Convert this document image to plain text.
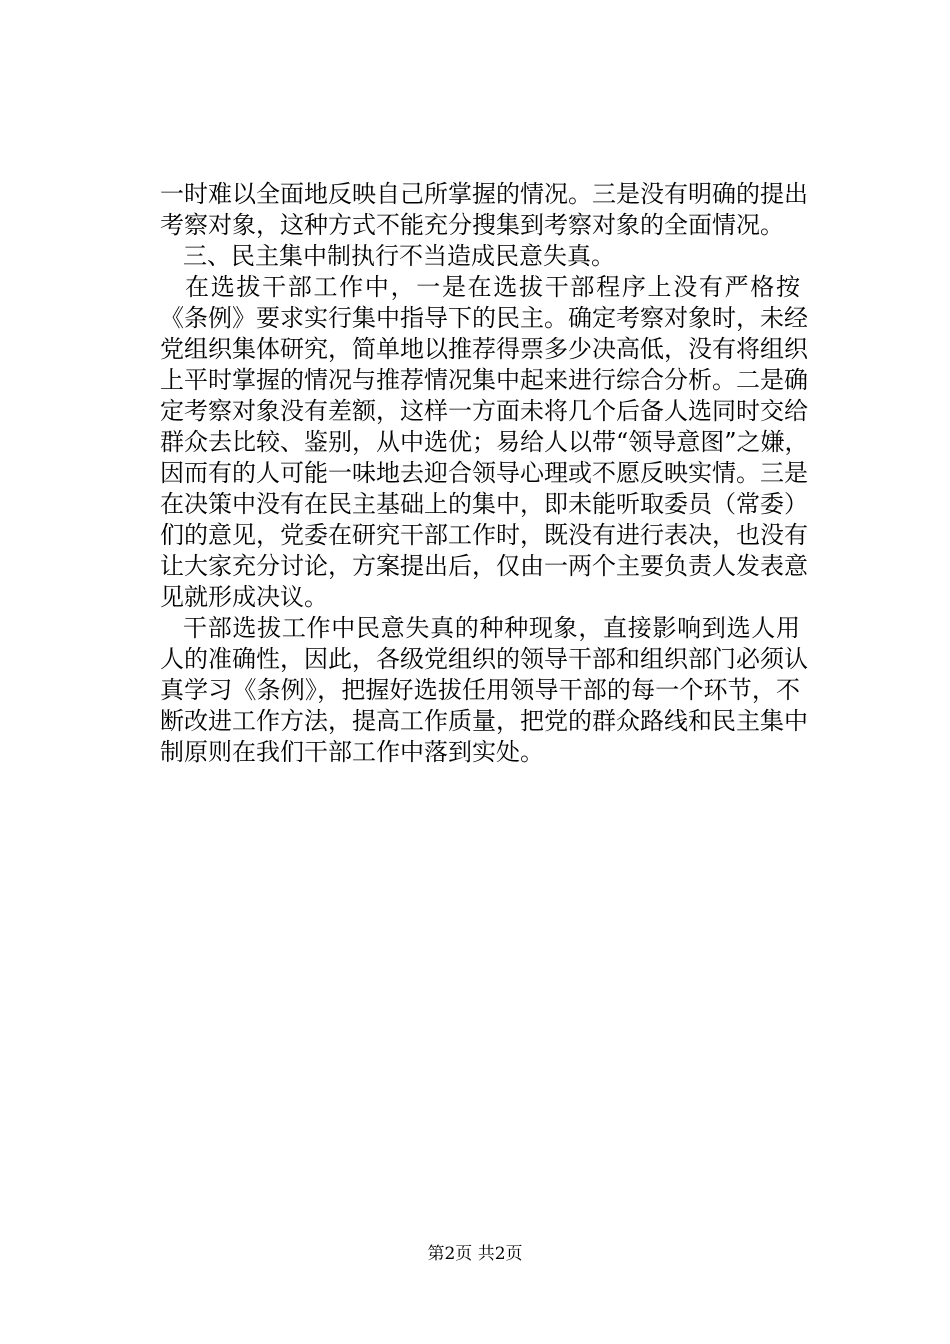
一时难以全面地反映自己所掌握的情况。三是没有明确的提出
考察对象，这种方式不能充分搜集到考察对象的全面情况。
三、民主集中制执行不当造成民意失真。
在选拔干部工作中，一是在选拔干部程序上没有严格按
《条例》要求实行集中指导下的民主。确定考察对象时，未经
党组织集体研究，简单地以推荐得票多少决高低，没有将组织
上平时掌握的情况与推荐情况集中起来进行综合分析。二是确
定考察对象没有差额，这样一方面未将几个后备人选同时交给
群众去比较、鉴别，从中选优；易给人以带“领导意图”之嫌，
因而有的人可能一味地去迎合领导心理或不愿反映实情。三是
在决策中没有在民主基础上的集中，即未能听取委员（常委）
们的意见，党委在研究干部工作时，既没有进行表决，也没有
让大家充分讨论，方案提出后，仅由一两个主要负责人发表意
见就形成决议。
干部选拔工作中民意失真的种种现象，直接影响到选人用
人的准确性，因此，各级党组织的领导干部和组织部门必须认
真学习《条例》，把握好选拔任用领导干部的每一个环节，不
断改进工作方法，提高工作质量，把党的群众路线和民主集中
制原则在我们干部工作中落到实处。
第2页 共2页
